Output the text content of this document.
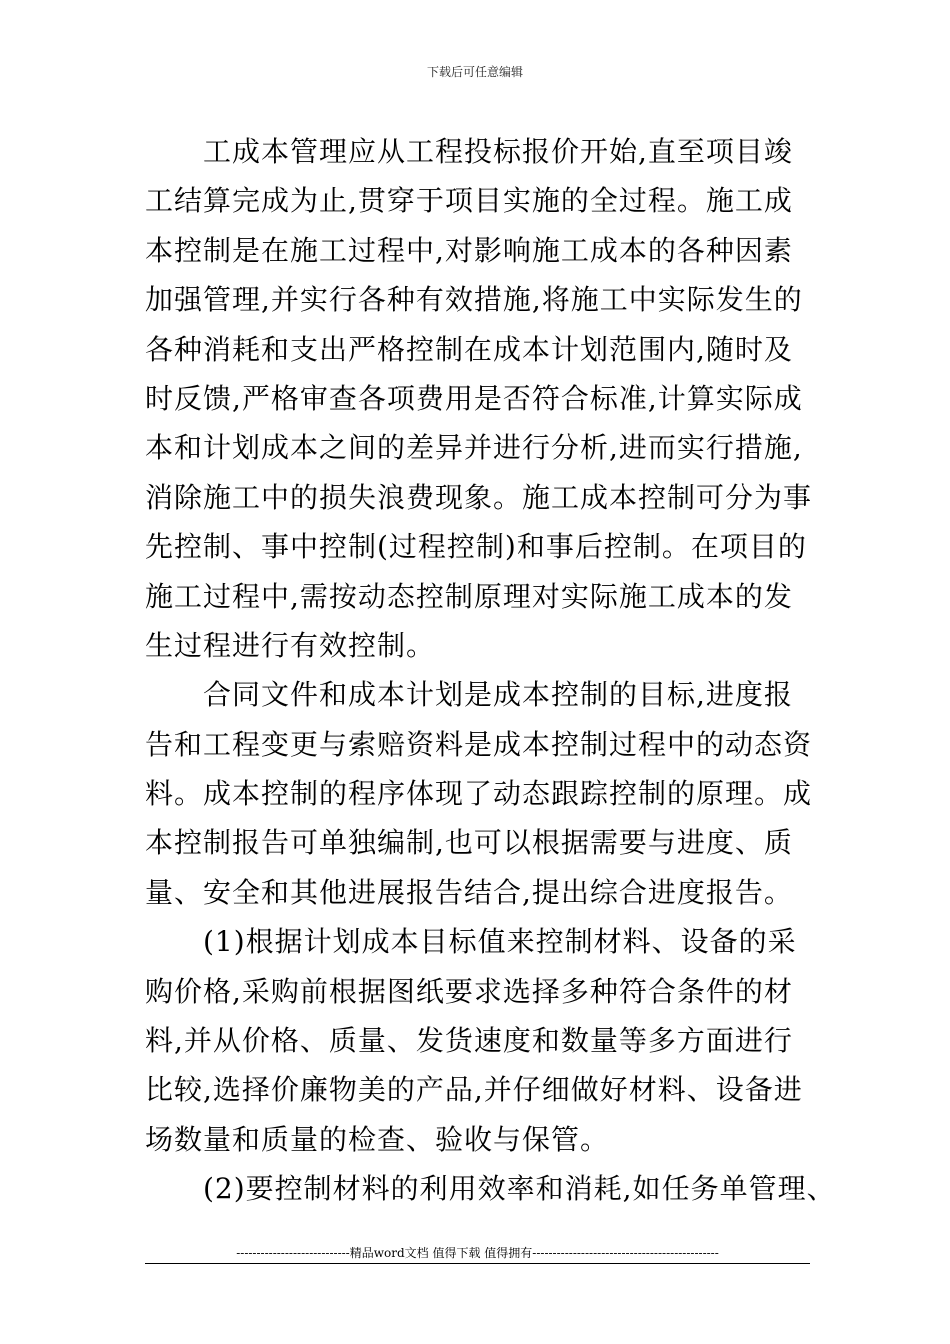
下载后可任意编辑
　　工成本管理应从工程投标报价开始,直至项目竣
工结算完成为止,贯穿于项目实施的全过程。施工成
本控制是在施工过程中,对影响施工成本的各种因素
加强管理,并实行各种有效措施,将施工中实际发生的
各种消耗和支出严格控制在成本计划范围内,随时及
时反馈,严格审查各项费用是否符合标准,计算实际成
本和计划成本之间的差异并进行分析,进而实行措施,
消除施工中的损失浪费现象。施工成本控制可分为事
先控制、事中控制(过程控制)和事后控制。在项目的
施工过程中,需按动态控制原理对实际施工成本的发
生过程进行有效控制。
　　合同文件和成本计划是成本控制的目标,进度报
告和工程变更与索赔资料是成本控制过程中的动态资
料。成本控制的程序体现了动态跟踪控制的原理。成
本控制报告可单独编制,也可以根据需要与进度、质
量、安全和其他进展报告结合,提出综合进度报告。
　　(1)根据计划成本目标值来控制材料、设备的采
购价格,采购前根据图纸要求选择多种符合条件的材
料,并从价格、质量、发货速度和数量等多方面进行
比较,选择价廉物美的产品,并仔细做好材料、设备进
场数量和质量的检查、验收与保管。
　　(2)要控制材料的利用效率和消耗,如任务单管理、
----------------------------精品word文档 值得下载 值得拥有----------------------------------------------
